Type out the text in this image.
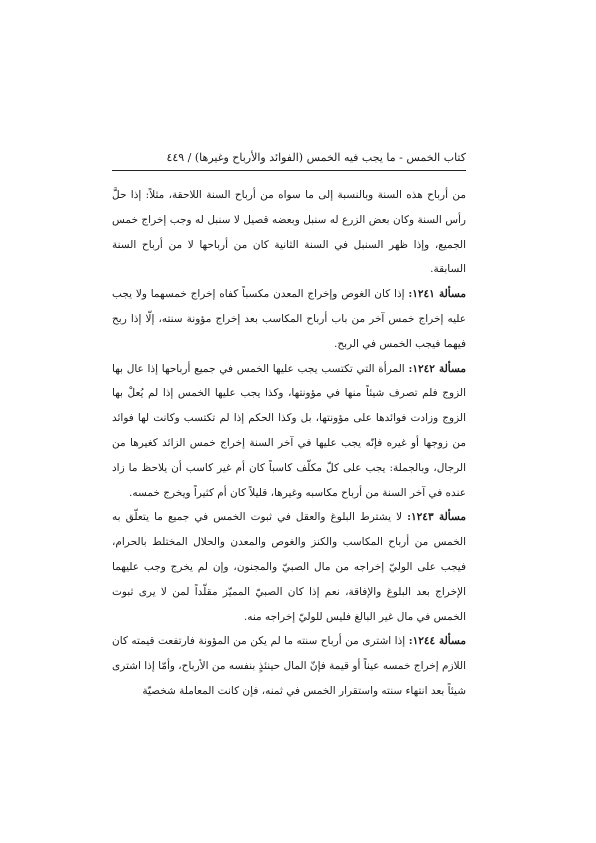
كتاب الخمس - ما يجب فيه الخمس (الفوائد والأرباح وغيرها) / ٤٤٩

من أرباح هذه السنة وبالنسبة إلى ما سواه من أرباح السنة اللاحقة، مثلاً: إذا حلَّ رأس السنة وكان بعض الزرع له سنبل وبعضه قصيل لا سنبل له وجب إخراج خمس الجميع، وإذا ظهر السنبل في السنة الثانية كان من أرباحها لا من أرباح السنة السابقة.

مسألة ١٢٤١: إذا كان الغوص وإخراج المعدن مكسباً كفاه إخراج خمسهما ولا يجب عليه إخراج خمس آخر من باب أرباح المكاسب بعد إخراج مؤونة سنته، إلّا إذا ربح فيهما فيجب الخمس في الربح.

مسألة ١٢٤٢: المرأة التي تكتسب يجب عليها الخمس في جميع أرباحها إذا عال بها الزوج فلم تصرف شيئاً منها في مؤونتها، وكذا يجب عليها الخمس إذا لم يُعلْ بها الزوج وزادت فوائدها على مؤونتها، بل وكذا الحكم إذا لم تكتسب وكانت لها فوائد من زوجها أو غيره فإنّه يجب عليها في آخر السنة إخراج خمس الزائد كغيرها من الرجال، وبالجملة: يجب على كلّ مكلّف كاسباً كان أم غير كاسب أن يلاحظ ما زاد عنده في آخر السنة من أرباح مكاسبه وغيرها، قليلاً كان أم كثيراً ويخرج خمسه.

مسألة ١٢٤٣: لا يشترط البلوغ والعقل في ثبوت الخمس في جميع ما يتعلّق به الخمس من أرباح المكاسب والكنز والغوص والمعدن والحلال المختلط بالحرام، فيجب على الوليّ إخراجه من مال الصبيّ والمجنون، وإن لم يخرج وجب عليهما الإخراج بعد البلوغ والإفاقة، نعم إذا كان الصبيّ المميّز مقلّداً لمن لا يرى ثبوت الخمس في مال غير البالغ فليس للوليّ إخراجه منه.

مسألة ١٢٤٤: إذا اشترى من أرباح سنته ما لم يكن من المؤونة فارتفعت قيمته كان اللازم إخراج خمسه عيناً أو قيمة فإنّ المال حينئذٍ بنفسه من الأرباح، وأمّا إذا اشترى شيئاً بعد انتهاء سنته واستقرار الخمس في ثمنه، فإن كانت المعاملة شخصيّة
